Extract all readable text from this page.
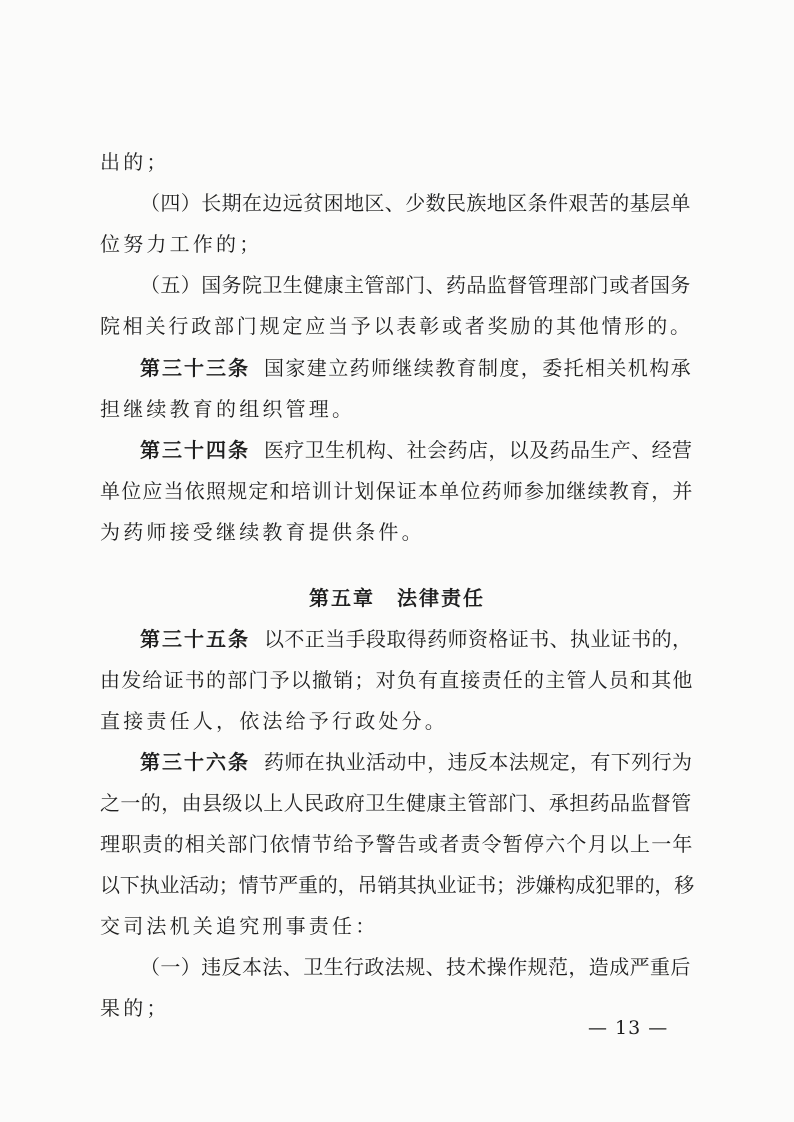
出的；
（四）长期在边远贫困地区、少数民族地区条件艰苦的基层单
位努力工作的；
（五）国务院卫生健康主管部门、药品监督管理部门或者国务
院相关行政部门规定应当予以表彰或者奖励的其他情形的。
第三十三条 国家建立药师继续教育制度，委托相关机构承
担继续教育的组织管理。
第三十四条 医疗卫生机构、社会药店，以及药品生产、经营
单位应当依照规定和培训计划保证本单位药师参加继续教育，并
为药师接受继续教育提供条件。
第五章 法律责任
第三十五条 以不正当手段取得药师资格证书、执业证书的，
由发给证书的部门予以撤销；对负有直接责任的主管人员和其他
直接责任人，依法给予行政处分。
第三十六条 药师在执业活动中，违反本法规定，有下列行为
之一的，由县级以上人民政府卫生健康主管部门、承担药品监督管
理职责的相关部门依情节给予警告或者责令暂停六个月以上一年
以下执业活动；情节严重的，吊销其执业证书；涉嫌构成犯罪的，移
交司法机关追究刑事责任：
（一）违反本法、卫生行政法规、技术操作规范，造成严重后
果的；
— 13 —
